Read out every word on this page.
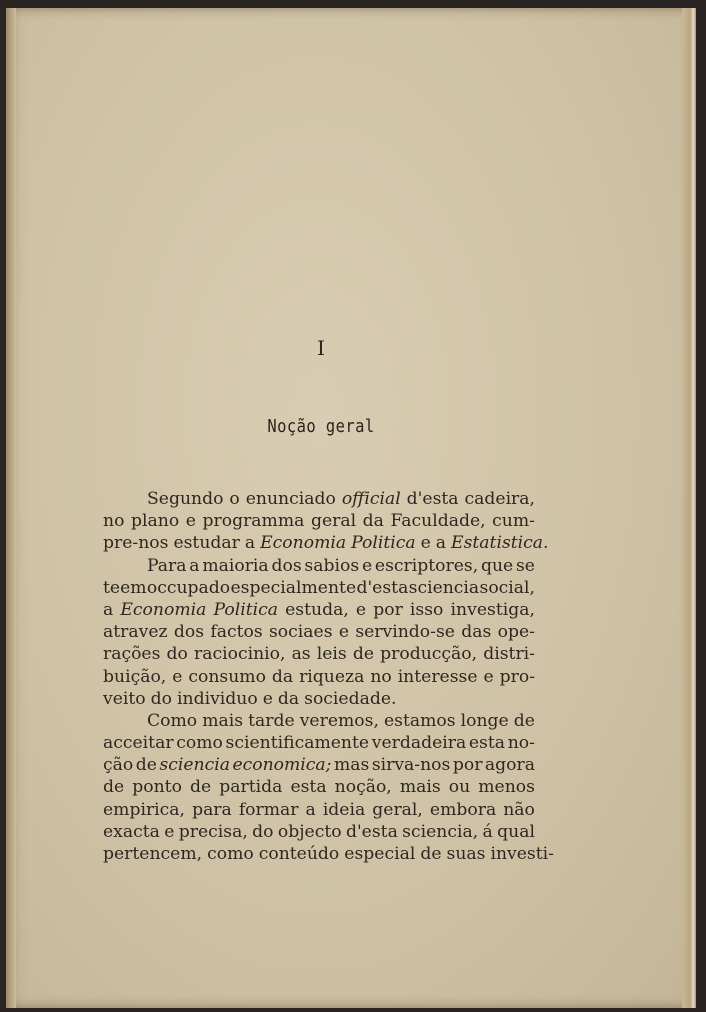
I
Noção geral
Segundo o enunciado official d'esta cadeira,
no plano e programma geral da Faculdade, cum-
pre-nos estudar a Economia Politica e a Estatistica.
Para a maioria dos sabios e escriptores, que se
teem occupado especialmente d'esta sciencia social,
a Economia Politica estuda, e por isso investiga,
atravez dos factos sociaes e servindo-se das ope-
rações do raciocinio, as leis de producção, distri-
buição, e consumo da riqueza no interesse e pro-
veito do individuo e da sociedade.
Como mais tarde veremos, estamos longe de
acceitar como scientificamente verdadeira esta no-
ção de sciencia economica; mas sirva-nos por agora
de ponto de partida esta noção, mais ou menos
empirica, para formar a ideia geral, embora não
exacta e precisa, do objecto d'esta sciencia, á qual
pertencem, como conteúdo especial de suas investi-
